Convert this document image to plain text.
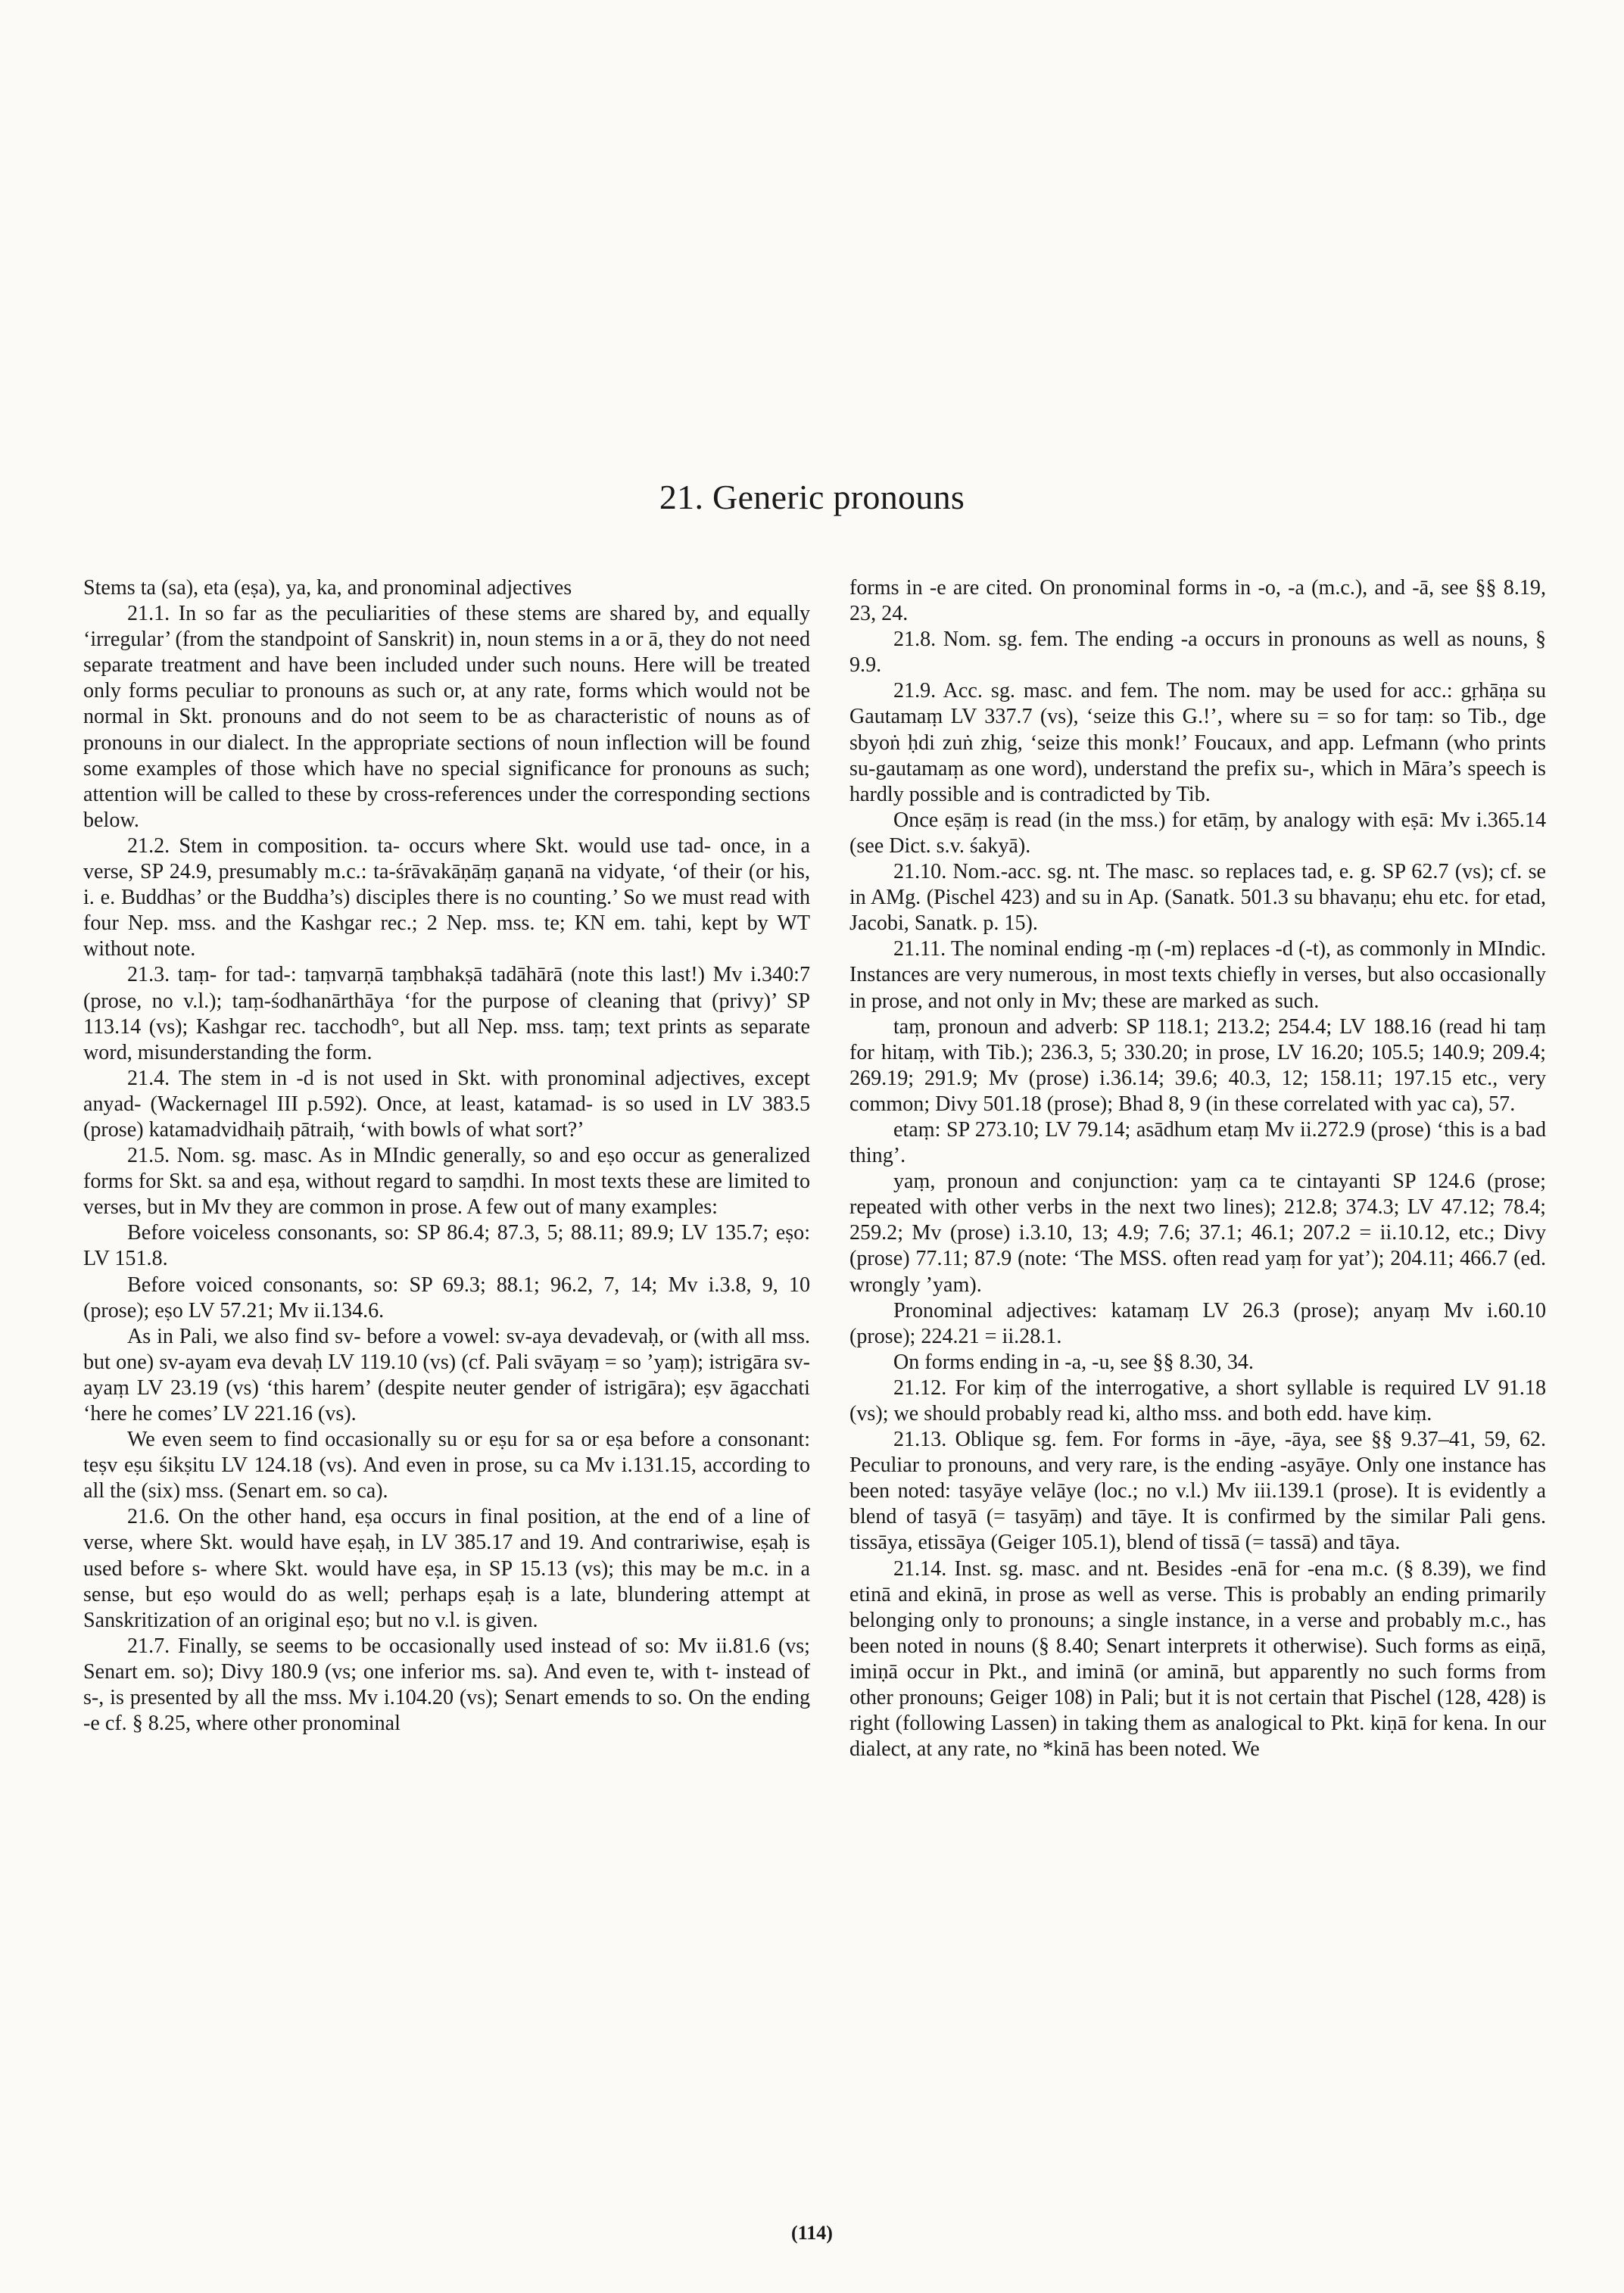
21. Generic pronouns

Stems ta (sa), eta (eṣa), ya, ka, and pronominal adjectives

21.1. In so far as the peculiarities of these stems are shared by, and equally ‘irregular’ (from the standpoint of Sanskrit) in, noun stems in a or ā, they do not need separate treatment and have been included under such nouns. Here will be treated only forms peculiar to pronouns as such or, at any rate, forms which would not be normal in Skt. pronouns and do not seem to be as characteristic of nouns as of pronouns in our dialect. In the appropriate sections of noun inflection will be found some examples of those which have no special significance for pronouns as such; attention will be called to these by cross-references under the corresponding sections below.

21.2. Stem in composition. ta- occurs where Skt. would use tad- once, in a verse, SP 24.9, presumably m.c.: ta-śrāvakāṇāṃ gaṇanā na vidyate, ‘of their (or his, i. e. Buddhas’ or the Buddha’s) disciples there is no counting.’ So we must read with four Nep. mss. and the Kashgar rec.; 2 Nep. mss. te; KN em. tahi, kept by WT without note.

21.3. taṃ- for tad-: taṃvarṇā taṃbhakṣā tadāhārā (note this last!) Mv i.340:7 (prose, no v.l.); taṃ-śodhanārthāya ‘for the purpose of cleaning that (privy)’ SP 113.14 (vs); Kashgar rec. tacchodh°, but all Nep. mss. taṃ; text prints as separate word, misunderstanding the form.

21.4. The stem in -d is not used in Skt. with pronominal adjectives, except anyad- (Wackernagel III p.592). Once, at least, katamad- is so used in LV 383.5 (prose) katamadvidhaiḥ pātraiḥ, ‘with bowls of what sort?’

21.5. Nom. sg. masc. As in MIndic generally, so and eṣo occur as generalized forms for Skt. sa and eṣa, without regard to saṃdhi. In most texts these are limited to verses, but in Mv they are common in prose. A few out of many examples:

Before voiceless consonants, so: SP 86.4; 87.3, 5; 88.11; 89.9; LV 135.7; eṣo: LV 151.8.

Before voiced consonants, so: SP 69.3; 88.1; 96.2, 7, 14; Mv i.3.8, 9, 10 (prose); eṣo LV 57.21; Mv ii.134.6.

As in Pali, we also find sv- before a vowel: sv-aya devadevaḥ, or (with all mss. but one) sv-ayam eva devaḥ LV 119.10 (vs) (cf. Pali svāyaṃ = so ’yaṃ); istrigāra sv-ayaṃ LV 23.19 (vs) ‘this harem’ (despite neuter gender of istrigāra); eṣv āgacchati ‘here he comes’ LV 221.16 (vs).

We even seem to find occasionally su or eṣu for sa or eṣa before a consonant: teṣv eṣu śikṣitu LV 124.18 (vs). And even in prose, su ca Mv i.131.15, according to all the (six) mss. (Senart em. so ca).

21.6. On the other hand, eṣa occurs in final position, at the end of a line of verse, where Skt. would have eṣaḥ, in LV 385.17 and 19. And contrariwise, eṣaḥ is used before s- where Skt. would have eṣa, in SP 15.13 (vs); this may be m.c. in a sense, but eṣo would do as well; perhaps eṣaḥ is a late, blundering attempt at Sanskritization of an original eṣo; but no v.l. is given.

21.7. Finally, se seems to be occasionally used instead of so: Mv ii.81.6 (vs; Senart em. so); Divy 180.9 (vs; one inferior ms. sa). And even te, with t- instead of s-, is presented by all the mss. Mv i.104.20 (vs); Senart emends to so. On the ending -e cf. § 8.25, where other pronominal

forms in -e are cited. On pronominal forms in -o, -a (m.c.), and -ā, see §§ 8.19, 23, 24.

21.8. Nom. sg. fem. The ending -a occurs in pronouns as well as nouns, § 9.9.

21.9. Acc. sg. masc. and fem. The nom. may be used for acc.: gṛhāṇa su Gautamaṃ LV 337.7 (vs), ‘seize this G.!’, where su = so for taṃ: so Tib., dge sbyoṅ ḥdi zuṅ zhig, ‘seize this monk!’ Foucaux, and app. Lefmann (who prints su-gautamaṃ as one word), understand the prefix su-, which in Māra’s speech is hardly possible and is contradicted by Tib.

Once eṣāṃ is read (in the mss.) for etāṃ, by analogy with eṣā: Mv i.365.14 (see Dict. s.v. śakyā).

21.10. Nom.-acc. sg. nt. The masc. so replaces tad, e. g. SP 62.7 (vs); cf. se in AMg. (Pischel 423) and su in Ap. (Sanatk. 501.3 su bhavaṇu; ehu etc. for etad, Jacobi, Sanatk. p. 15).

21.11. The nominal ending -ṃ (-m) replaces -d (-t), as commonly in MIndic. Instances are very numerous, in most texts chiefly in verses, but also occasionally in prose, and not only in Mv; these are marked as such.

taṃ, pronoun and adverb: SP 118.1; 213.2; 254.4; LV 188.16 (read hi taṃ for hitaṃ, with Tib.); 236.3, 5; 330.20; in prose, LV 16.20; 105.5; 140.9; 209.4; 269.19; 291.9; Mv (prose) i.36.14; 39.6; 40.3, 12; 158.11; 197.15 etc., very common; Divy 501.18 (prose); Bhad 8, 9 (in these correlated with yac ca), 57.

etaṃ: SP 273.10; LV 79.14; asādhum etaṃ Mv ii.272.9 (prose) ‘this is a bad thing’.

yaṃ, pronoun and conjunction: yaṃ ca te cintayanti SP 124.6 (prose; repeated with other verbs in the next two lines); 212.8; 374.3; LV 47.12; 78.4; 259.2; Mv (prose) i.3.10, 13; 4.9; 7.6; 37.1; 46.1; 207.2 = ii.10.12, etc.; Divy (prose) 77.11; 87.9 (note: ‘The MSS. often read yaṃ for yat’); 204.11; 466.7 (ed. wrongly ’yam).

Pronominal adjectives: katamaṃ LV 26.3 (prose); anyaṃ Mv i.60.10 (prose); 224.21 = ii.28.1.

On forms ending in -a, -u, see §§ 8.30, 34.

21.12. For kiṃ of the interrogative, a short syllable is required LV 91.18 (vs); we should probably read ki, altho mss. and both edd. have kiṃ.

21.13. Oblique sg. fem. For forms in -āye, -āya, see §§ 9.37–41, 59, 62. Peculiar to pronouns, and very rare, is the ending -asyāye. Only one instance has been noted: tasyāye velāye (loc.; no v.l.) Mv iii.139.1 (prose). It is evidently a blend of tasyā (= tasyāṃ) and tāye. It is confirmed by the similar Pali gens. tissāya, etissāya (Geiger 105.1), blend of tissā (= tassā) and tāya.

21.14. Inst. sg. masc. and nt. Besides -enā for -ena m.c. (§ 8.39), we find etinā and ekinā, in prose as well as verse. This is probably an ending primarily belonging only to pronouns; a single instance, in a verse and probably m.c., has been noted in nouns (§ 8.40; Senart interprets it otherwise). Such forms as eiṇā, imiṇā occur in Pkt., and iminā (or aminā, but apparently no such forms from other pronouns; Geiger 108) in Pali; but it is not certain that Pischel (128, 428) is right (following Lassen) in taking them as analogical to Pkt. kiṇā for kena. In our dialect, at any rate, no *kinā has been noted. We

(114)
